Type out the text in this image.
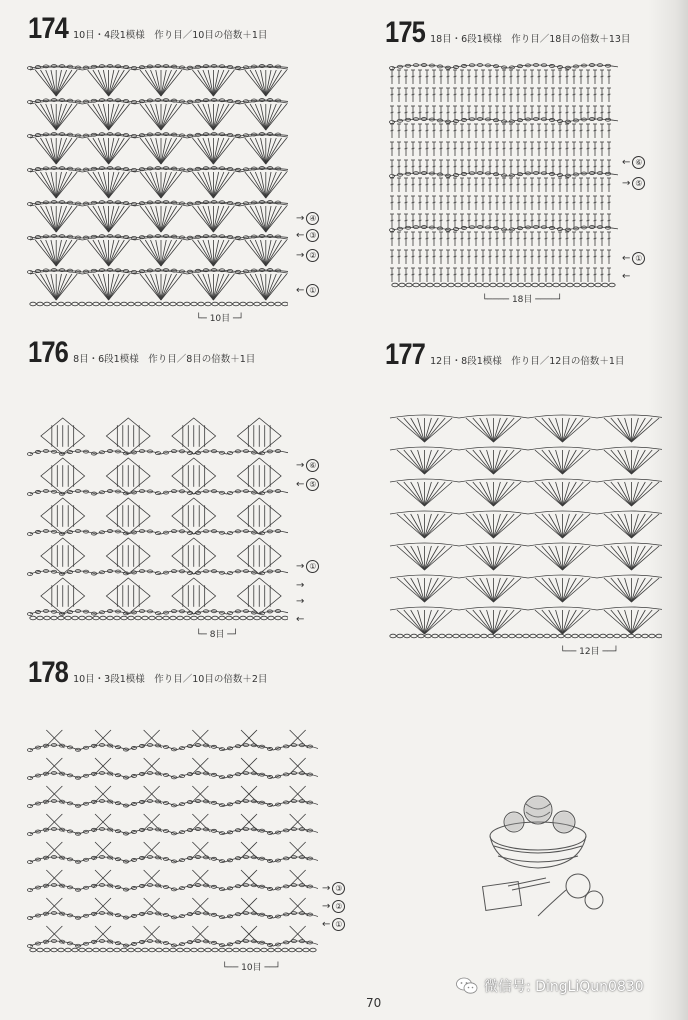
174 10目・4段1模様　作り目／10目の倍数＋1目
→ ④
← ③
→ ②
← ①
└─ 10目 ─┘
175 18目・6段1模様　作り目／18目の倍数＋13目
← ⑥
→ ⑤
← ①
←
└──── 18目 ────┘
176 8目・6段1模様　作り目／8目の倍数＋1目
→ ⑥
← ⑤
→ ①
→
→
←
└─ 8目 ─┘
177 12目・8段1模様　作り目／12目の倍数＋1目
└── 12目 ──┘
178 10目・3段1模様　作り目／10目の倍数＋2目
→ ③
→ ②
← ①
└── 10目 ──┘
70
微信号: DingLiQun0830
